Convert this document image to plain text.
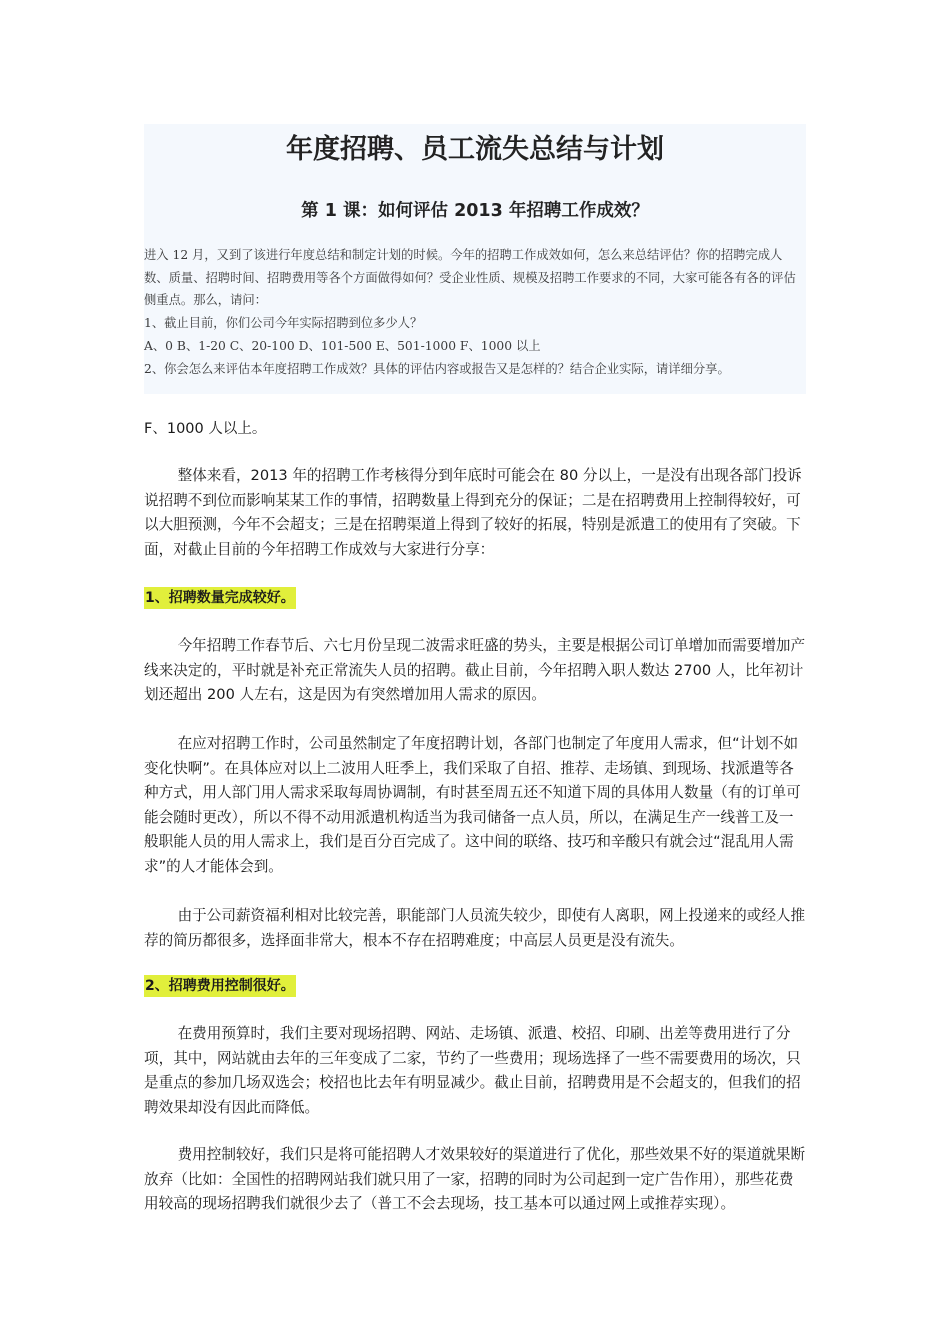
年度招聘、员工流失总结与计划
第 1 课：如何评估 2013 年招聘工作成效？

进入 12 月，又到了该进行年度总结和制定计划的时候。今年的招聘工作成效如何，怎么来总结评估？你的招聘完成人数、质量、招聘时间、招聘费用等各个方面做得如何？受企业性质、规模及招聘工作要求的不同，大家可能各有各的评估侧重点。那么，请问：

1、截止目前，你们公司今年实际招聘到位多少人？

A、0 B、1-20 C、20-100 D、101-500 E、501-1000 F、1000 以上

2、你会怎么来评估本年度招聘工作成效？具体的评估内容或报告又是怎样的？结合企业实际，请详细分享。

F、1000 人以上。

整体来看，2013 年的招聘工作考核得分到年底时可能会在 80 分以上，一是没有出现各部门投诉说招聘不到位而影响某某工作的事情，招聘数量上得到充分的保证；二是在招聘费用上控制得较好，可以大胆预测，今年不会超支；三是在招聘渠道上得到了较好的拓展，特别是派遣工的使用有了突破。下面，对截止目前的今年招聘工作成效与大家进行分享：

1、招聘数量完成较好。

今年招聘工作春节后、六七月份呈现二波需求旺盛的势头，主要是根据公司订单增加而需要增加产线来决定的，平时就是补充正常流失人员的招聘。截止目前，今年招聘入职人数达 2700 人，比年初计划还超出 200 人左右，这是因为有突然增加用人需求的原因。

在应对招聘工作时，公司虽然制定了年度招聘计划，各部门也制定了年度用人需求，但“计划不如变化快啊”。在具体应对以上二波用人旺季上，我们采取了自招、推荐、走场镇、到现场、找派遣等各种方式，用人部门用人需求采取每周协调制，有时甚至周五还不知道下周的具体用人数量（有的订单可能会随时更改），所以不得不动用派遣机构适当为我司储备一点人员，所以，在满足生产一线普工及一般职能人员的用人需求上，我们是百分百完成了。这中间的联络、技巧和辛酸只有就会过“混乱用人需求”的人才能体会到。

由于公司薪资福利相对比较完善，职能部门人员流失较少，即使有人离职，网上投递来的或经人推荐的简历都很多，选择面非常大，根本不存在招聘难度；中高层人员更是没有流失。

2、招聘费用控制很好。

在费用预算时，我们主要对现场招聘、网站、走场镇、派遣、校招、印刷、出差等费用进行了分项，其中，网站就由去年的三年变成了二家，节约了一些费用；现场选择了一些不需要费用的场次，只是重点的参加几场双选会；校招也比去年有明显减少。截止目前，招聘费用是不会超支的，但我们的招聘效果却没有因此而降低。

费用控制较好，我们只是将可能招聘人才效果较好的渠道进行了优化，那些效果不好的渠道就果断放弃（比如：全国性的招聘网站我们就只用了一家，招聘的同时为公司起到一定广告作用），那些花费用较高的现场招聘我们就很少去了（普工不会去现场，技工基本可以通过网上或推荐实现）。
